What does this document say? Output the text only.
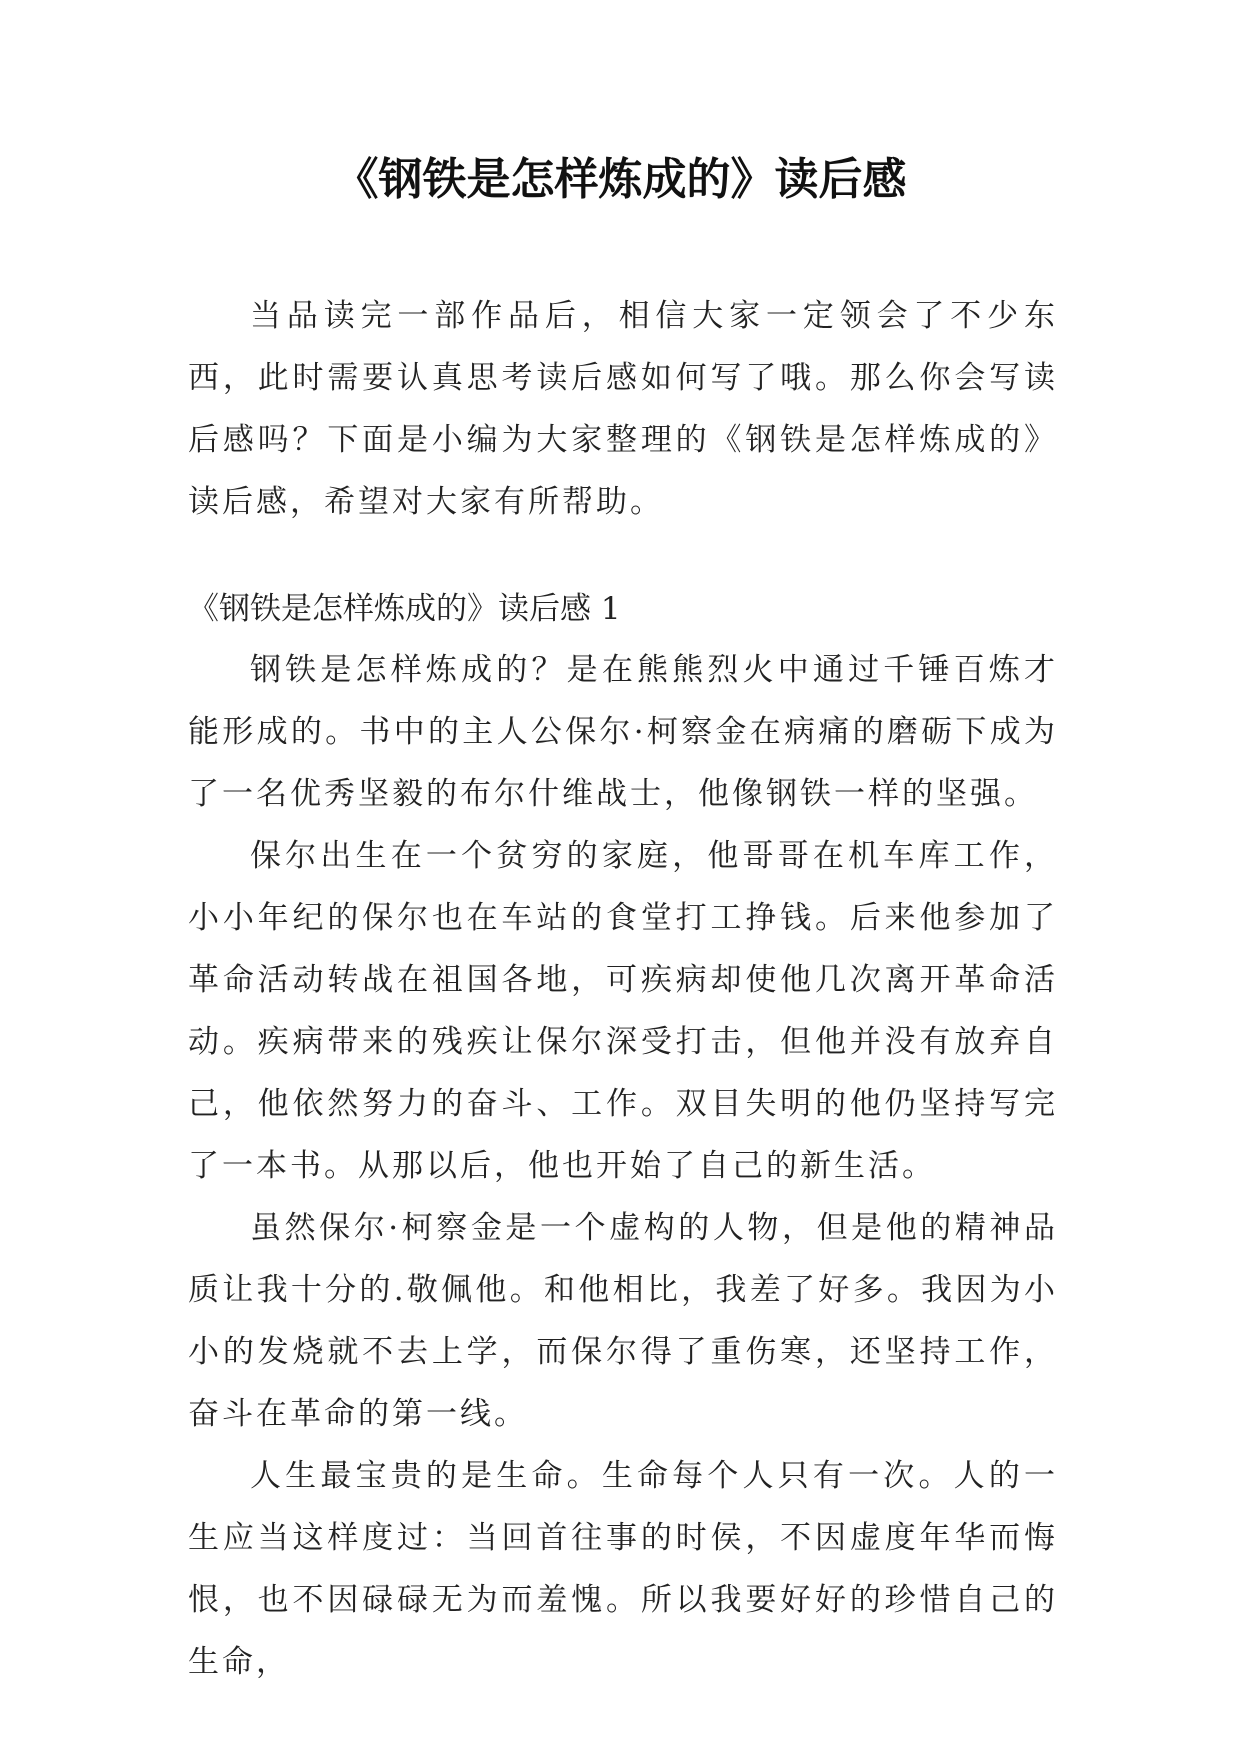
《钢铁是怎样炼成的》读后感

当品读完一部作品后，相信大家一定领会了不少东西，此时需要认真思考读后感如何写了哦。那么你会写读后感吗？下面是小编为大家整理的《钢铁是怎样炼成的》读后感，希望对大家有所帮助。

《钢铁是怎样炼成的》读后感 1

钢铁是怎样炼成的？是在熊熊烈火中通过千锤百炼才能形成的。书中的主人公保尔·柯察金在病痛的磨砺下成为了一名优秀坚毅的布尔什维战士，他像钢铁一样的坚强。

保尔出生在一个贫穷的家庭，他哥哥在机车库工作，小小年纪的保尔也在车站的食堂打工挣钱。后来他参加了革命活动转战在祖国各地，可疾病却使他几次离开革命活动。疾病带来的残疾让保尔深受打击，但他并没有放弃自己，他依然努力的奋斗、工作。双目失明的他仍坚持写完了一本书。从那以后，他也开始了自己的新生活。

虽然保尔·柯察金是一个虚构的人物，但是他的精神品质让我十分的.敬佩他。和他相比，我差了好多。我因为小小的发烧就不去上学，而保尔得了重伤寒，还坚持工作，奋斗在革命的第一线。

人生最宝贵的是生命。生命每个人只有一次。人的一生应当这样度过：当回首往事的时侯，不因虚度年华而悔恨，也不因碌碌无为而羞愧。所以我要好好的珍惜自己的生命，
